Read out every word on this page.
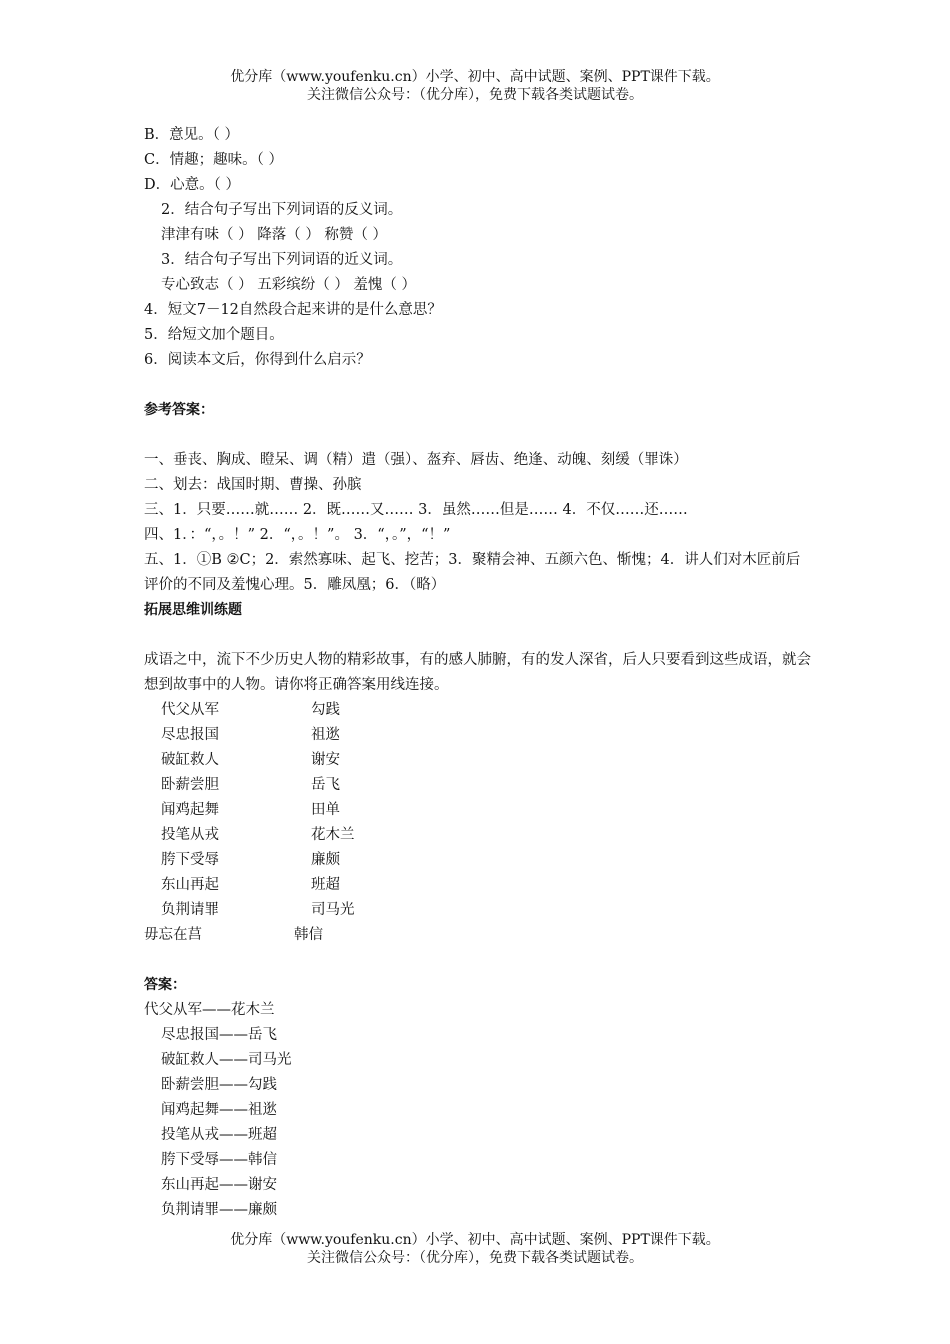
优分库（www.youfenku.cn）小学、初中、高中试题、案例、PPT课件下载。
关注微信公众号：（优分库），免费下载各类试题试卷。
B．意见。（ ）
C．情趣；趣味。（ ）
D．心意。（ ）
2．结合句子写出下列词语的反义词。
津津有味（ ） 降落（ ） 称赞（ ）
3．结合句子写出下列词语的近义词。
专心致志（ ） 五彩缤纷（ ） 羞愧（ ）
4．短文7－12自然段合起来讲的是什么意思？
5．给短文加个题目。
6．阅读本文后，你得到什么启示？
参考答案：
一、垂丧、胸成、瞪呆、调（精）遣（强）、盔弃、唇齿、绝逢、动魄、刻缓（罪诛）
二、划去：战国时期、曹操、孙膑
三、1．只要……就…… 2．既……又…… 3．虽然……但是…… 4．不仅……还……
四、1．：“，。！” 2．“，。！”。 3．“，。”，“！”
五、1．①B ②C；2．索然寡味、起飞、挖苦；3．聚精会神、五颜六色、惭愧；4．讲人们对木匠前后评价的不同及羞愧心理。5．雕凤凰；6．（略）
拓展思维训练题
成语之中，流下不少历史人物的精彩故事，有的感人肺腑，有的发人深省，后人只要看到这些成语，就会想到故事中的人物。请你将正确答案用线连接。
代父从军	勾践
尽忠报国	祖逖
破缸救人	谢安
卧薪尝胆	岳飞
闻鸡起舞	田单
投笔从戎	花木兰
胯下受辱	廉颇
东山再起	班超
负荆请罪	司马光
毋忘在莒	韩信
答案：
代父从军——花木兰
尽忠报国——岳飞
破缸救人——司马光
卧薪尝胆——勾践
闻鸡起舞——祖逖
投笔从戎——班超
胯下受辱——韩信
东山再起——谢安
负荆请罪——廉颇
优分库（www.youfenku.cn）小学、初中、高中试题、案例、PPT课件下载。
关注微信公众号：（优分库），免费下载各类试题试卷。
